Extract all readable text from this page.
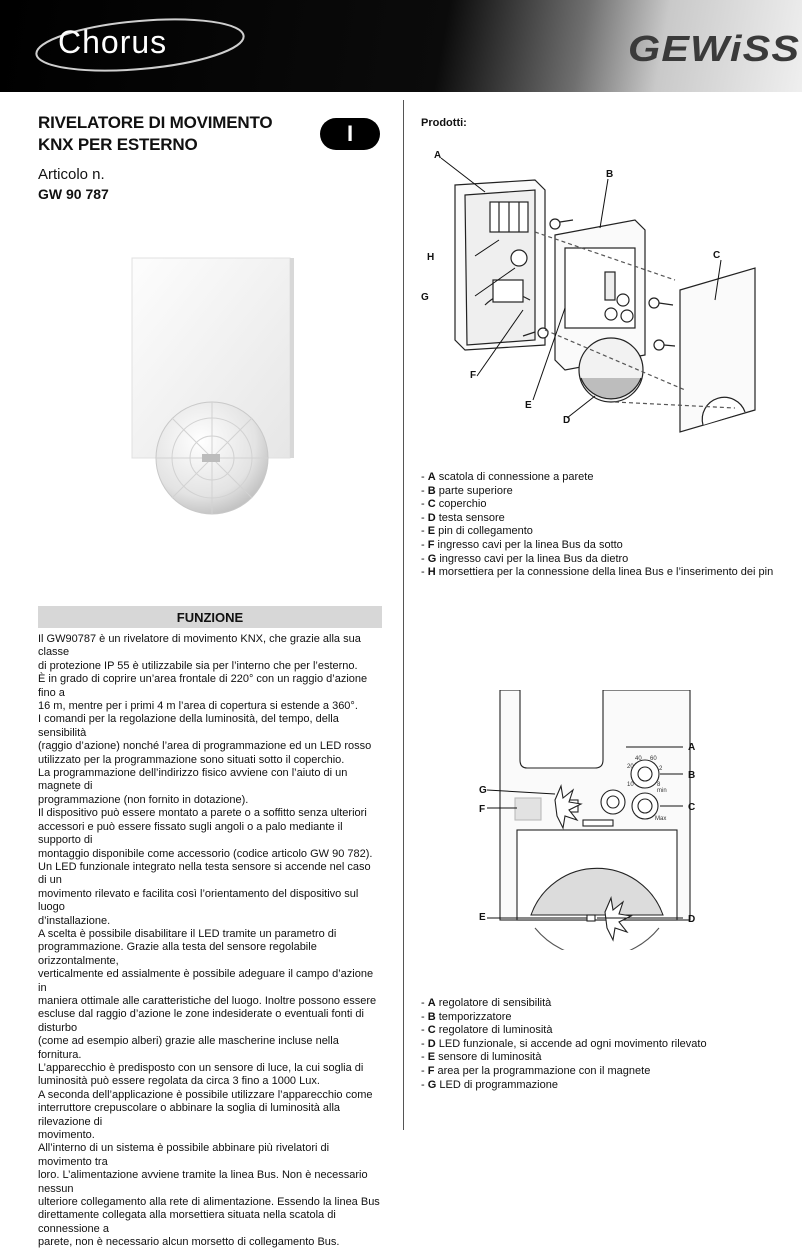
Chorus	GEWiSS
RIVELATORE DI MOVIMENTO
KNX PER ESTERNO	I
Articolo n.
GW 90 787
FUNZIONE
Il GW90787 è un rivelatore di movimento KNX, che grazie alla sua classe
di protezione IP 55 è utilizzabile sia per l’interno che per l’esterno.
È in grado di coprire un’area frontale di 220° con un raggio d’azione fino a
16 m, mentre per i primi 4 m l’area di copertura si estende a 360°.
I comandi per la regolazione della luminosità, del tempo, della sensibilità
(raggio d’azione) nonché l’area di programmazione ed un LED rosso
utilizzato per la programmazione sono situati sotto il coperchio.
La programmazione dell’indirizzo fisico avviene con l’aiuto di un magnete di
programmazione (non fornito in dotazione).
Il dispositivo può essere montato a parete o a soffitto senza ulteriori
accessori e può essere fissato sugli angoli o a palo mediante il supporto di
montaggio disponibile come accessorio (codice articolo GW 90 782).
Un LED funzionale integrato nella testa sensore si accende nel caso di un
movimento rilevato e facilita così l’orientamento del dispositivo sul luogo
d’installazione.
A scelta è possibile disabilitare il LED tramite un parametro di
programmazione. Grazie alla testa del sensore regolabile orizzontalmente,
verticalmente ed assialmente è possibile adeguare il campo d’azione in
maniera ottimale alle caratteristiche del luogo. Inoltre possono essere
escluse dal raggio d’azione le zone indesiderate o eventuali fonti di disturbo
(come ad esempio alberi) grazie alle mascherine incluse nella fornitura.
L’apparecchio è predisposto con un sensore di luce, la cui soglia di
luminosità può essere regolata da circa 3 fino a 1000 Lux.
A seconda dell’applicazione è possibile utilizzare l’apparecchio come
interruttore crepuscolare o abbinare la soglia di luminosità alla rilevazione di
movimento.
All’interno di un sistema è possibile abbinare più rivelatori di movimento tra
loro. L’alimentazione avviene tramite la linea Bus. Non è necessario nessun
ulteriore collegamento alla rete di alimentazione. Essendo la linea Bus
direttamente collegata alla morsettiera situata nella scatola di connessione a
parete, non è necessario alcun morsetto di collegamento Bus.
Prodotti:
A
B
C
D
E
F
G
H
- A scatola di connessione a parete
- B parte superiore
- C coperchio
- D testa sensore
- E pin di collegamento
- F ingresso cavi per la linea Bus da sotto
- G ingresso cavi per la linea Bus da dietro
- H morsettiera per la connessione della linea Bus e l’inserimento dei pin
40 60
20	2
10	8
min
Max
A
B
C
D
E
F
G
- A regolatore di sensibilità
- B temporizzatore
- C regolatore di luminosità
- D LED funzionale, si accende ad ogni movimento rilevato
- E sensore di luminosità
- F area per la programmazione con il magnete
- G LED di programmazione
